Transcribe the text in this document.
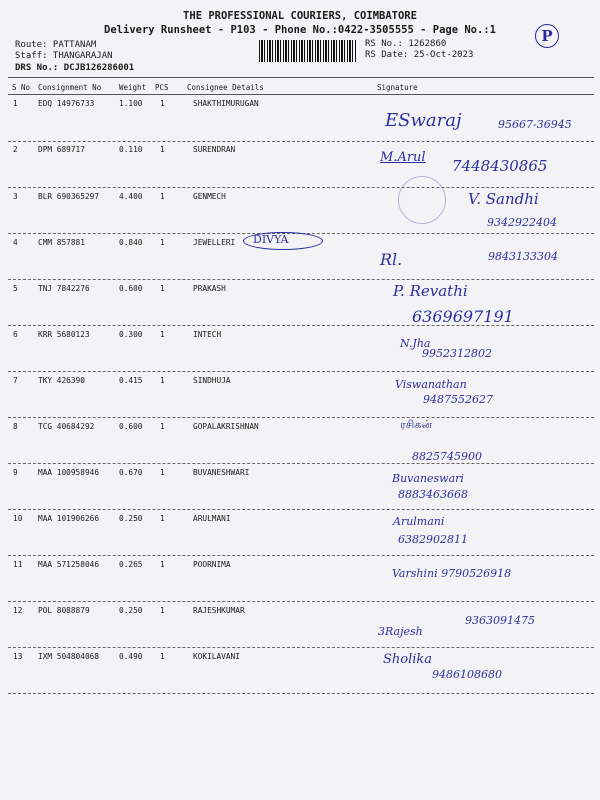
THE PROFESSIONAL COURIERS, COIMBATORE
Delivery Runsheet - P103 - Phone No.:0422-3505555 - Page No.:1	P
Route: PATTANAM
Staff: THANGARAJAN
DRS No.: DCJB126286001
RS No.: 1262860
RS Date: 25-Oct-2023
S No Consignment No Weight PCS Consignee Details	Signature
1	EDQ 14976733	1.100 1	SHAKTHIMURUGAN
ESwaraj	95667-36945
2	DPM 689717	0.110 1	SURENDRAN
M.Arul 7448430865
3	BLR 690365297	4.400 1	GENMECH	V. Sandhi
9342922404
4	CMM 857881	0.840 1	JEWELLERI DIVYA
Rl.	9843133304
5	TNJ 7842276	0.600 1	PRAKASH	P. Revathi
6369697191
6	KRR 5680123	0.300 1	INTECH
N.Jha
9952312802
7	TKY 426390	0.415 1	SINDHUJA	Viswanathan
9487552627
8	TCG 40684292	0.600 1	GOPALAKRISHNAN	ரசிகன்
8825745900
9	MAA 100958946	0.670 1	BUVANESHWARI	Buvaneswari
8883463668
10 MAA 101906266	0.250 1	ARULMANI	Arulmani
6382902811
11 MAA 571258046	0.265 1	POORNIMA
Varshini 9790526918
12 POL 8088879	0.250 1	RAJESHKUMAR
3Rajesh
9363091475
13 IXM 504804068	0.490 1	KOKILAVANI	Sholika
9486108680
